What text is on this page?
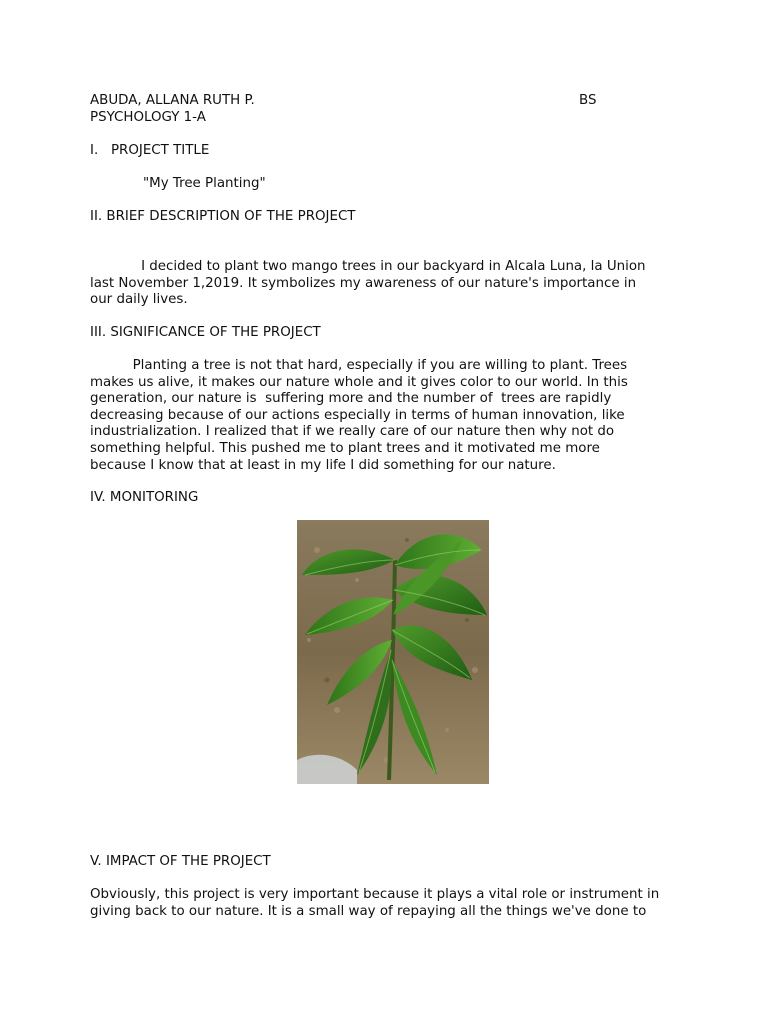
ABUDA, ALLANA RUTH P.	BS
PSYCHOLOGY 1-A
I.   PROJECT TITLE
"My Tree Planting"
II. BRIEF DESCRIPTION OF THE PROJECT
I decided to plant two mango trees in our backyard in Alcala Luna, la Union
last November 1,2019. It symbolizes my awareness of our nature's importance in
our daily lives.
III. SIGNIFICANCE OF THE PROJECT
Planting a tree is not that hard, especially if you are willing to plant. Trees
makes us alive, it makes our nature whole and it gives color to our world. In this
generation, our nature is  suffering more and the number of  trees are rapidly
decreasing because of our actions especially in terms of human innovation, like
industrialization. I realized that if we really care of our nature then why not do
something helpful. This pushed me to plant trees and it motivated me more
because I know that at least in my life I did something for our nature.
IV. MONITORING
V. IMPACT OF THE PROJECT
Obviously, this project is very important because it plays a vital role or instrument in
giving back to our nature. It is a small way of repaying all the things we've done to
